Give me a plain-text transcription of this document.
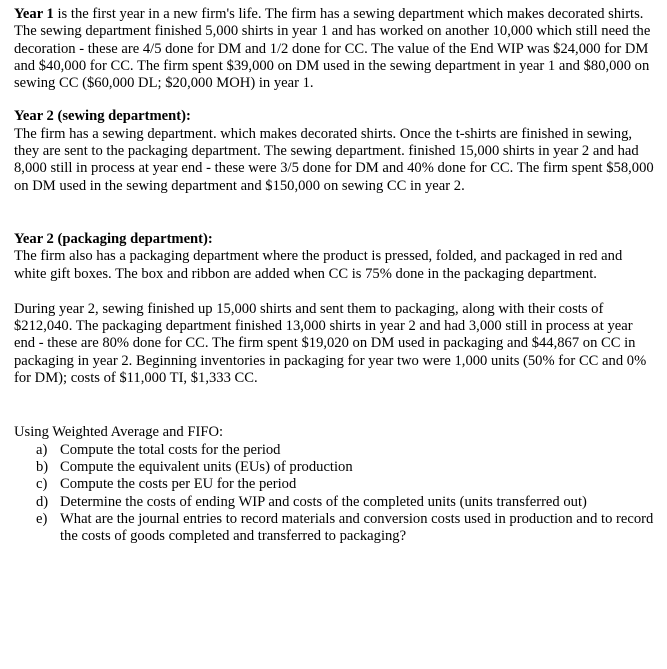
Year 1 is the first year in a new firm's life. The firm has a sewing department which makes decorated shirts. The sewing department finished 5,000 shirts in year 1 and has worked on another 10,000 which still need the decoration - these are 4/5 done for DM and 1/2 done for CC. The value of the End WIP was $24,000 for DM and $40,000 for CC. The firm spent $39,000 on DM used in the sewing department in year 1 and $80,000 on sewing CC ($60,000 DL; $20,000 MOH) in year 1.

Year 2 (sewing department):

The firm has a sewing department. which makes decorated shirts. Once the t-shirts are finished in sewing, they are sent to the packaging department. The sewing department. finished 15,000 shirts in year 2 and had 8,000 still in process at year end - these were 3/5 done for DM and 40% done for CC. The firm spent $58,000 on DM used in the sewing department and $150,000 on sewing CC in year 2.

Year 2 (packaging department):

The firm also has a packaging department where the product is pressed, folded, and packaged in red and white gift boxes. The box and ribbon are added when CC is 75% done in the packaging department.

During year 2, sewing finished up 15,000 shirts and sent them to packaging, along with their costs of $212,040. The packaging department finished 13,000 shirts in year 2 and had 3,000 still in process at year end - these are 80% done for CC. The firm spent $19,020 on DM used in packaging and $44,867 on CC in packaging in year 2. Beginning inventories in packaging for year two were 1,000 units (50% for CC and 0% for DM); costs of $11,000 TI, $1,333 CC.

Using Weighted Average and FIFO:

a) Compute the total costs for the period
b) Compute the equivalent units (EUs) of production
c) Compute the costs per EU for the period
d) Determine the costs of ending WIP and costs of the completed units (units transferred out)
e) What are the journal entries to record materials and conversion costs used in production and to record the costs of goods completed and transferred to packaging?
